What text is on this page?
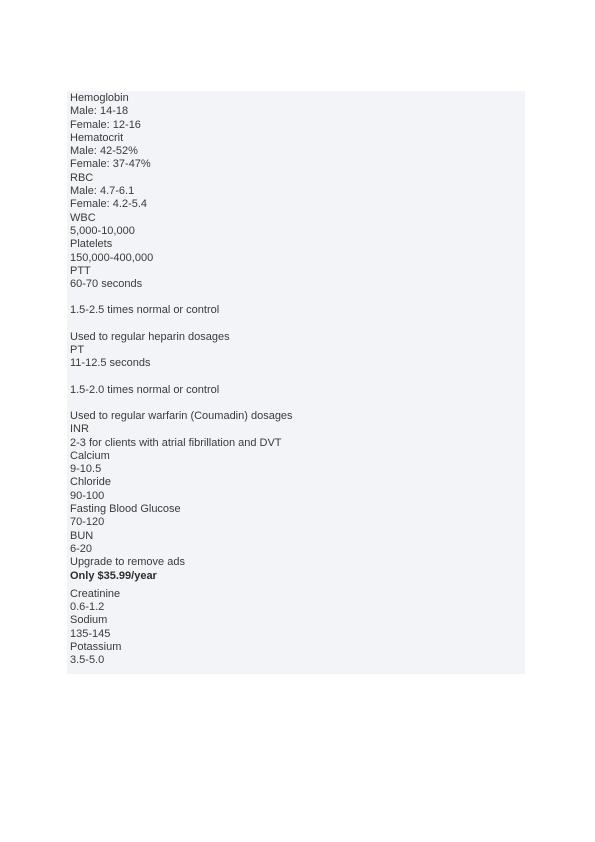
Hemoglobin
Male: 14-18
Female: 12-16
Hematocrit
Male: 42-52%
Female: 37-47%
RBC
Male: 4.7-6.1
Female: 4.2-5.4
WBC
5,000-10,000
Platelets
150,000-400,000
PTT
60-70 seconds
1.5-2.5 times normal or control
Used to regular heparin dosages
PT
11-12.5 seconds
1.5-2.0 times normal or control
Used to regular warfarin (Coumadin) dosages
INR
2-3 for clients with atrial fibrillation and DVT
Calcium
9-10.5
Chloride
90-100
Fasting Blood Glucose
70-120
BUN
6-20
Upgrade to remove ads
Only $35.99/year
Creatinine
0.6-1.2
Sodium
135-145
Potassium
3.5-5.0
